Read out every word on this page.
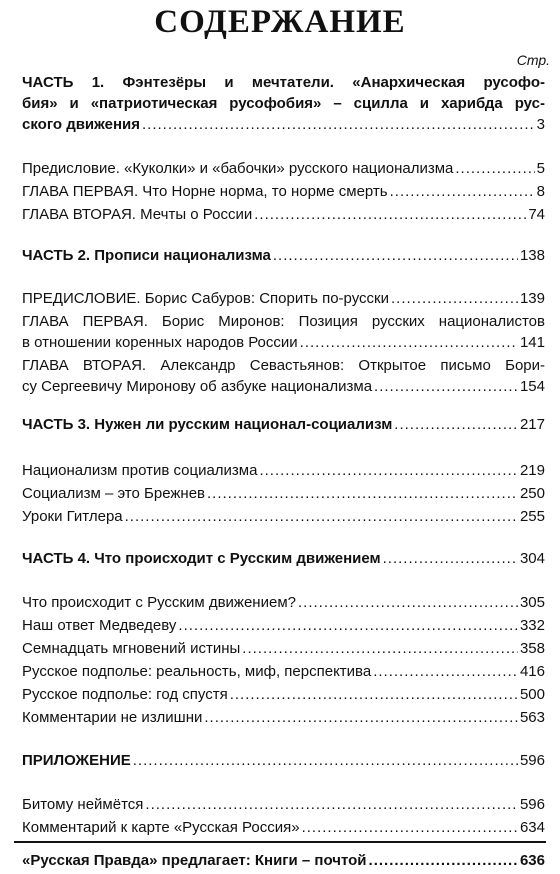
СОДЕРЖАНИЕ
Стр.
ЧАСТЬ 1. Фэнтезёры и мечтатели. «Анархическая русофо-
бия» и «патриотическая русофобия» – сцилла и харибда рус-
ского движения .....	3
Предисловие. «Куколки» и «бабочки» русского национализма .....	5
ГЛАВА ПЕРВАЯ. Что Норне норма, то норме смерть .....	8
ГЛАВА ВТОРАЯ. Мечты о России .....	74
ЧАСТЬ 2. Прописи национализма .....	138
ПРЕДИСЛОВИЕ. Борис Сабуров: Спорить по-русски .....	139
ГЛАВА ПЕРВАЯ. Борис Миронов: Позиция русских националистов
в отношении коренных народов России .....	141
ГЛАВА ВТОРАЯ. Александр Севастьянов: Открытое письмо Бори-
су Сергеевичу Миронову об азбуке национализма .....	154
ЧАСТЬ 3. Нужен ли русским национал-социализм .....	217
Национализм против социализма .....	219
Социализм – это Брежнев .....	250
Уроки Гитлера .....	255
ЧАСТЬ 4. Что происходит с Русским движением .....	304
Что происходит с Русским движением? .....	305
Наш ответ Медведеву .....	332
Семнадцать мгновений истины .....	358
Русское подполье: реальность, миф, перспектива .....	416
Русское подполье: год спустя .....	500
Комментарии не излишни .....	563
ПРИЛОЖЕНИЕ .....	596
Битому неймётся .....	596
Комментарий к карте «Русская Россия» .....	634
«Русская Правда» предлагает: Книги – почтой .....	636
